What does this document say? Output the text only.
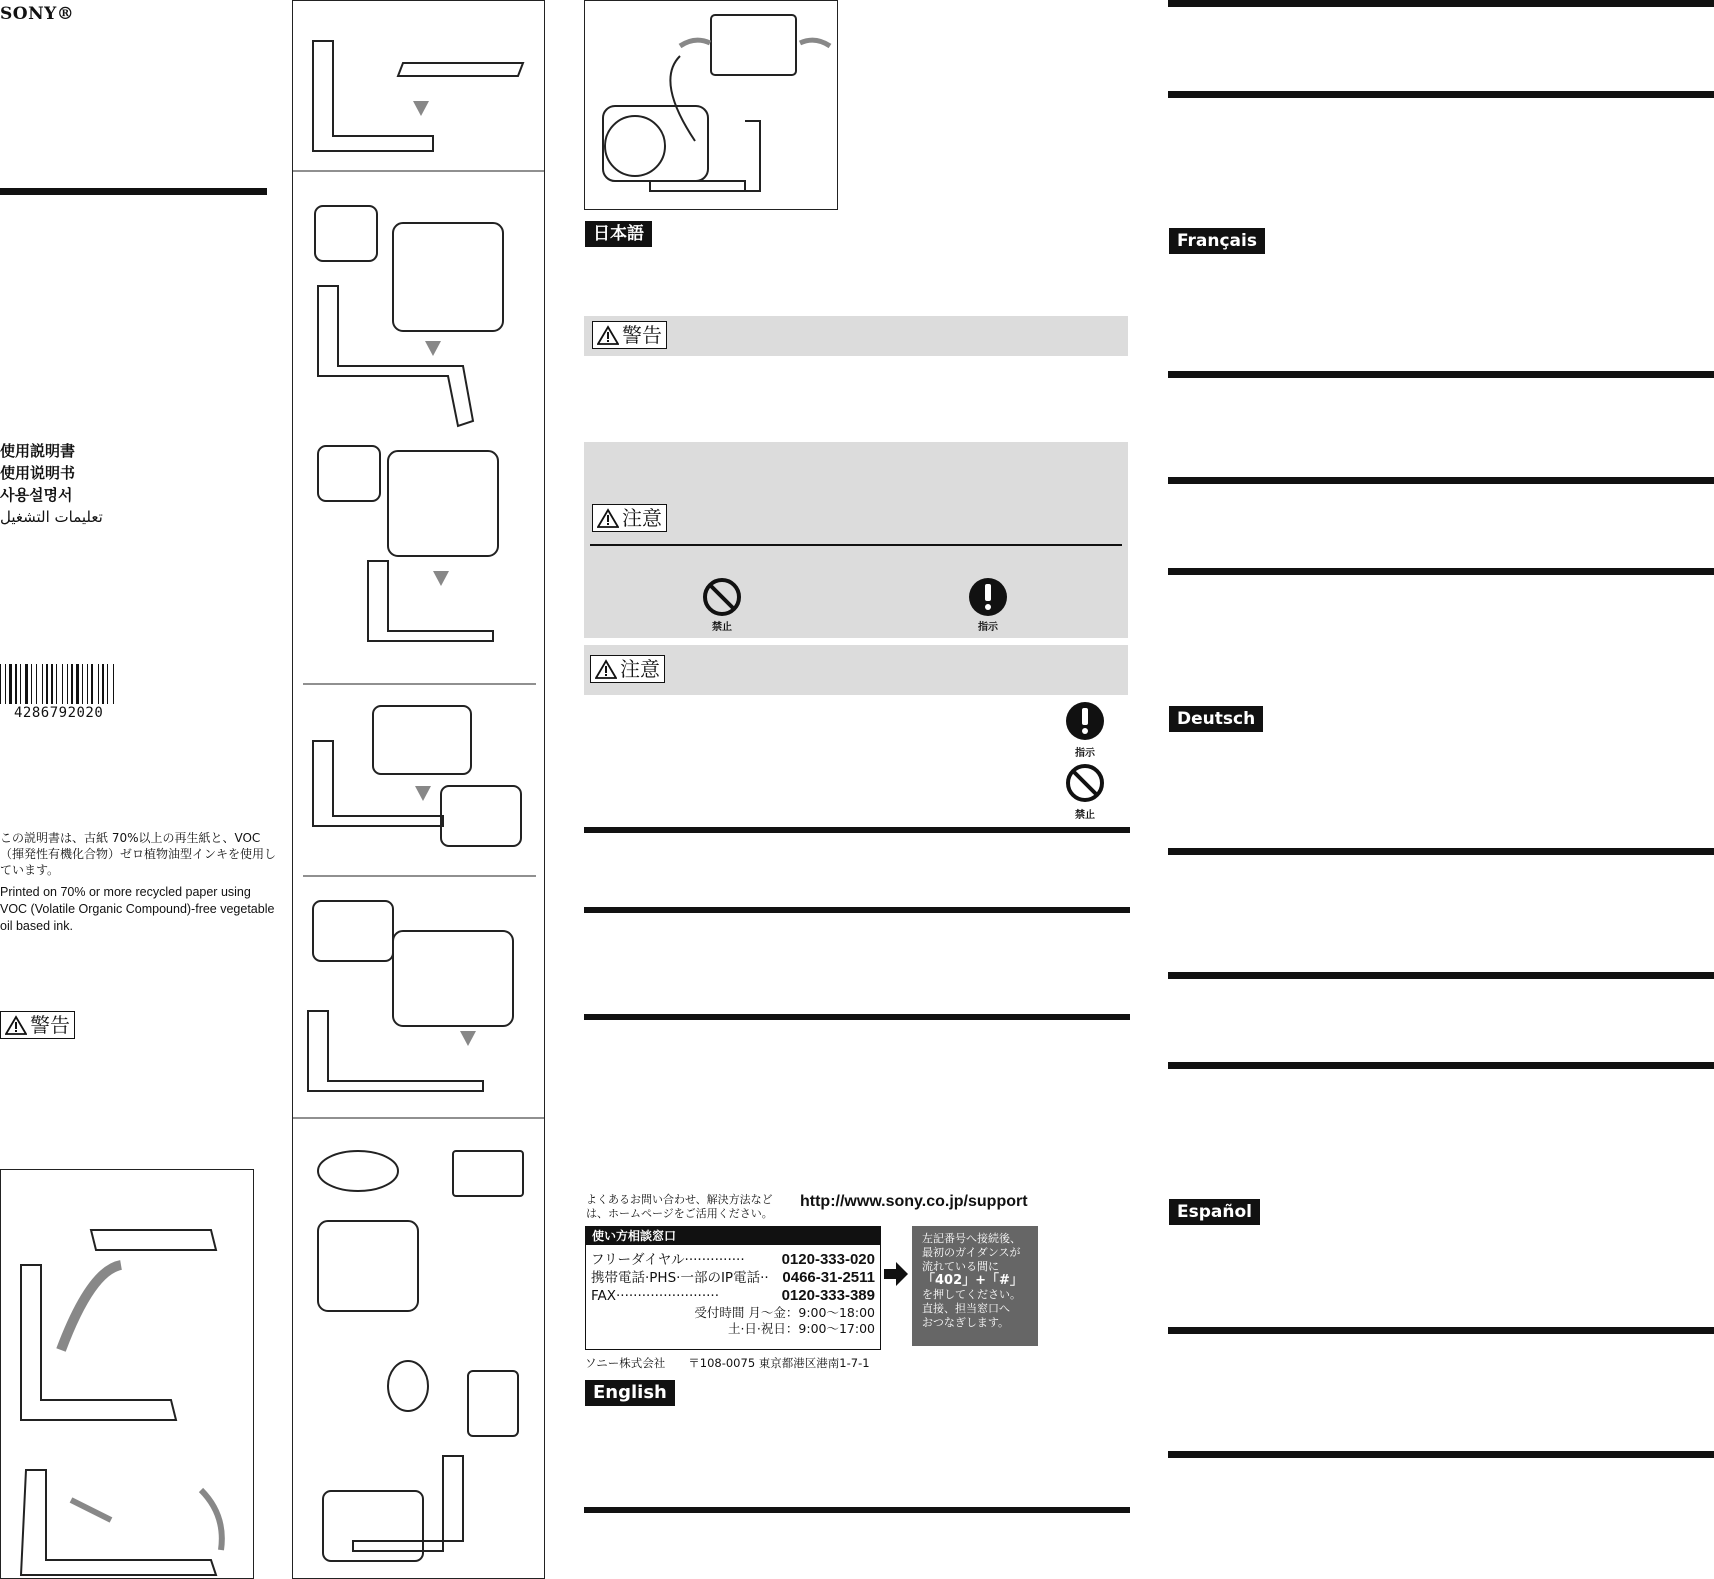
SONY®
使用説明書
使用说明书
사용설명서
تعليمات التشغيل
4286792020
この説明書は、古紙 70%以上の再生紙と、VOC（揮発性有機化合物）ゼロ植物油型インキを使用しています。
Printed on 70% or more recycled paper using VOC (Volatile Organic Compound)-free vegetable oil based ink.
警告
日本語
警告
注意
禁止	指示
注意
指示
禁止
よくあるお問い合わせ、解決方法などは、ホームページをご活用ください。
http://www.sony.co.jp/support
使い方相談窓口
フリーダイヤル·············· 0120-333-020
携帯電話·PHS·一部のIP電話·· 0466-31-2511
FAX························	0120-333-389
受付時間 月〜金：9:00〜18:00
土·日·祝日：9:00〜17:00
左記番号へ接続後、
最初のガイダンスが
流れている間に
「402」+「#」
を押してください。
直接、担当窓口へ
おつなぎします。
ソニー株式会社　　〒108-0075 東京都港区港南1-7-1
English
Français
Deutsch
Español
